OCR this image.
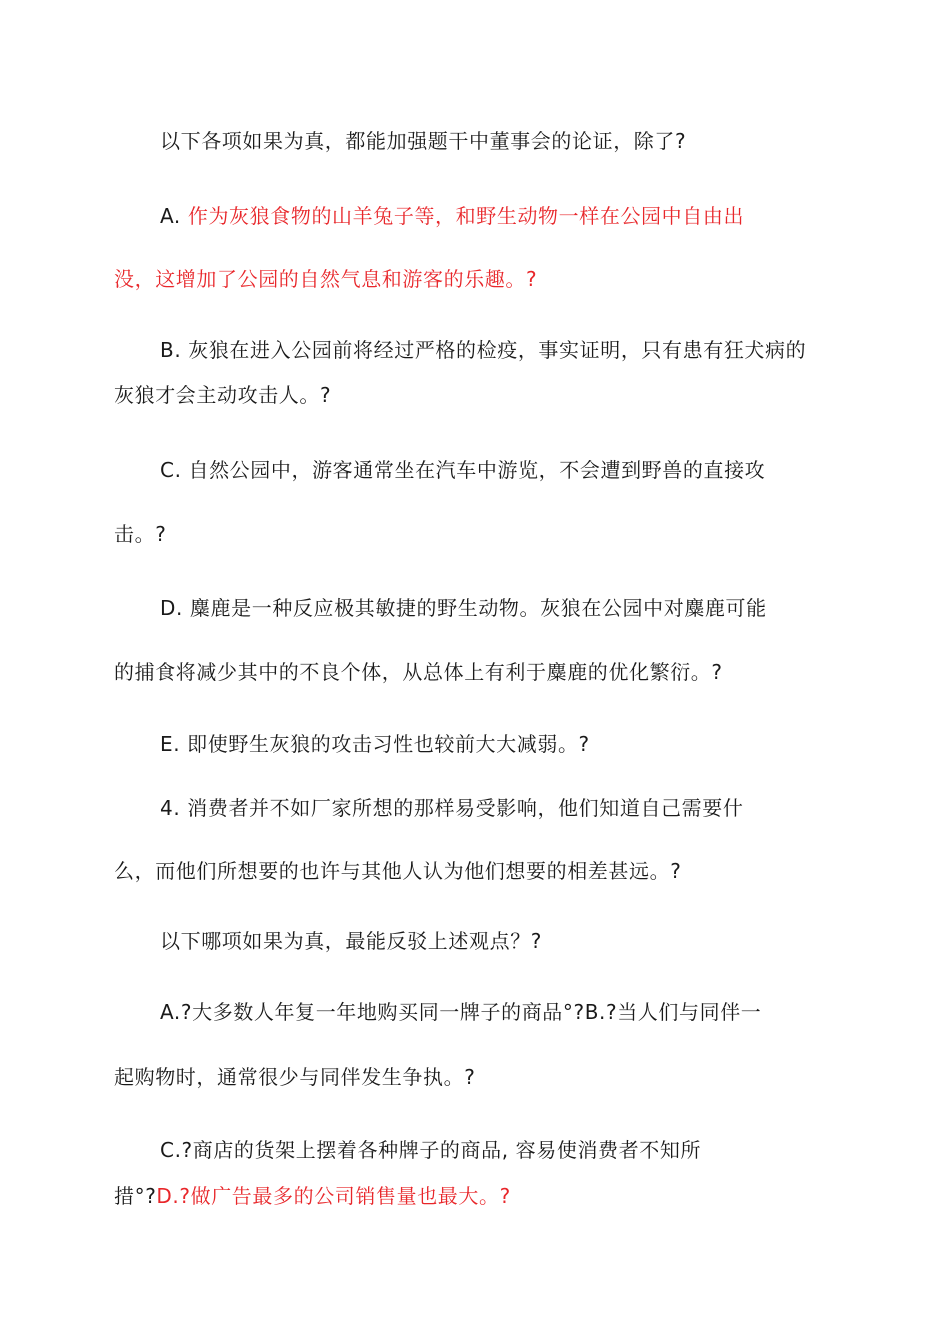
以下各项如果为真，都能加强题干中董事会的论证，除了?
A. 作为灰狼食物的山羊兔子等，和野生动物一样在公园中自由出
没，这增加了公园的自然气息和游客的乐趣。?
B. 灰狼在进入公园前将经过严格的检疫，事实证明，只有患有狂犬病的
灰狼才会主动攻击人。?
C. 自然公园中，游客通常坐在汽车中游览，不会遭到野兽的直接攻
击。?
D. 麋鹿是一种反应极其敏捷的野生动物。灰狼在公园中对麋鹿可能
的捕食将减少其中的不良个体，从总体上有利于麋鹿的优化繁衍。?
E. 即使野生灰狼的攻击习性也较前大大减弱。?
4. 消费者并不如厂家所想的那样易受影响，他们知道自己需要什
么，而他们所想要的也许与其他人认为他们想要的相差甚远。?
以下哪项如果为真，最能反驳上述观点？?
A.?大多数人年复一年地购买同一牌子的商品°?B.?当人们与同伴一
起购物时，通常很少与同伴发生争执。?
C.?商店的货架上摆着各种牌子的商品, 容易使消费者不知所
措°?D.?做广告最多的公司销售量也最大。?
